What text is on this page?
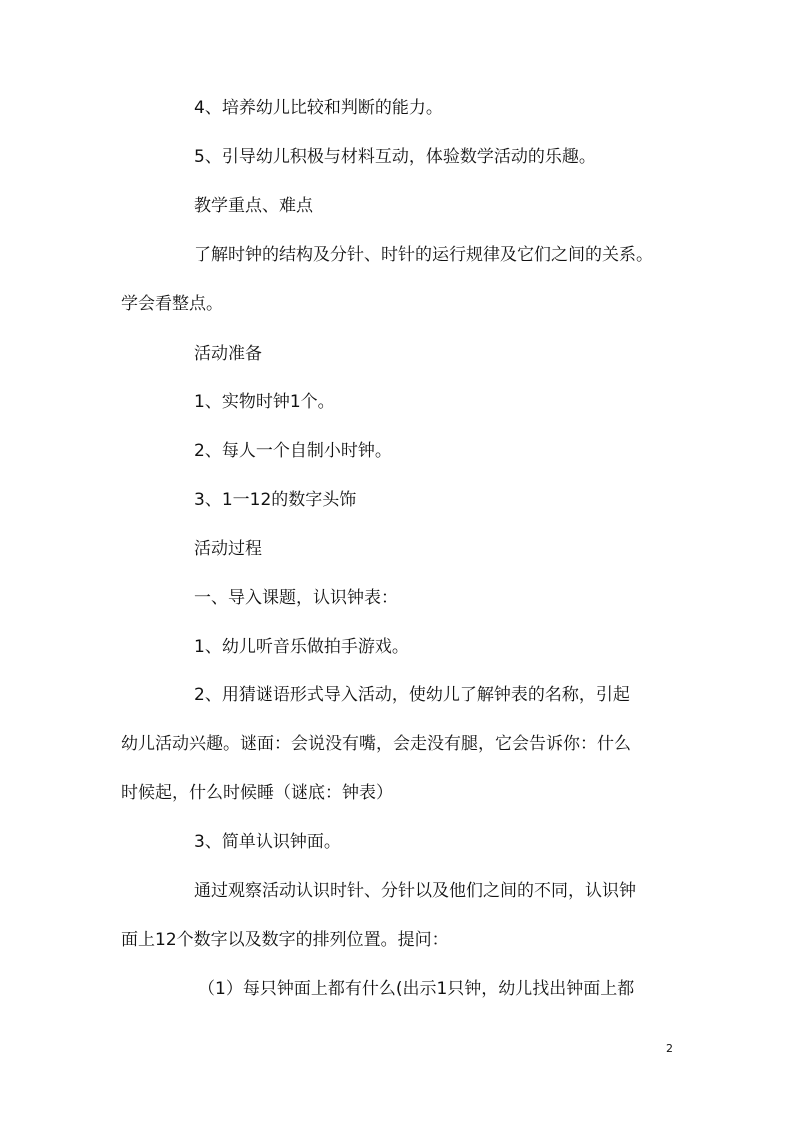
4、培养幼儿比较和判断的能力。
5、引导幼儿积极与材料互动，体验数学活动的乐趣。
教学重点、难点
了解时钟的结构及分针、时针的运行规律及它们之间的关系。
学会看整点。
活动准备
1、实物时钟1个。
2、每人一个自制小时钟。
3、1一12的数字头饰
活动过程
一、导入课题，认识钟表：
1、幼儿听音乐做拍手游戏。
2、用猜谜语形式导入活动，使幼儿了解钟表的名称，引起
幼儿活动兴趣。谜面：会说没有嘴，会走没有腿，它会告诉你：什么
时候起，什么时候睡（谜底：钟表）
3、简单认识钟面。
通过观察活动认识时针、分针以及他们之间的不同，认识钟
面上12个数字以及数字的排列位置。提问：
（1）每只钟面上都有什么(出示1只钟，幼儿找出钟面上都
2
